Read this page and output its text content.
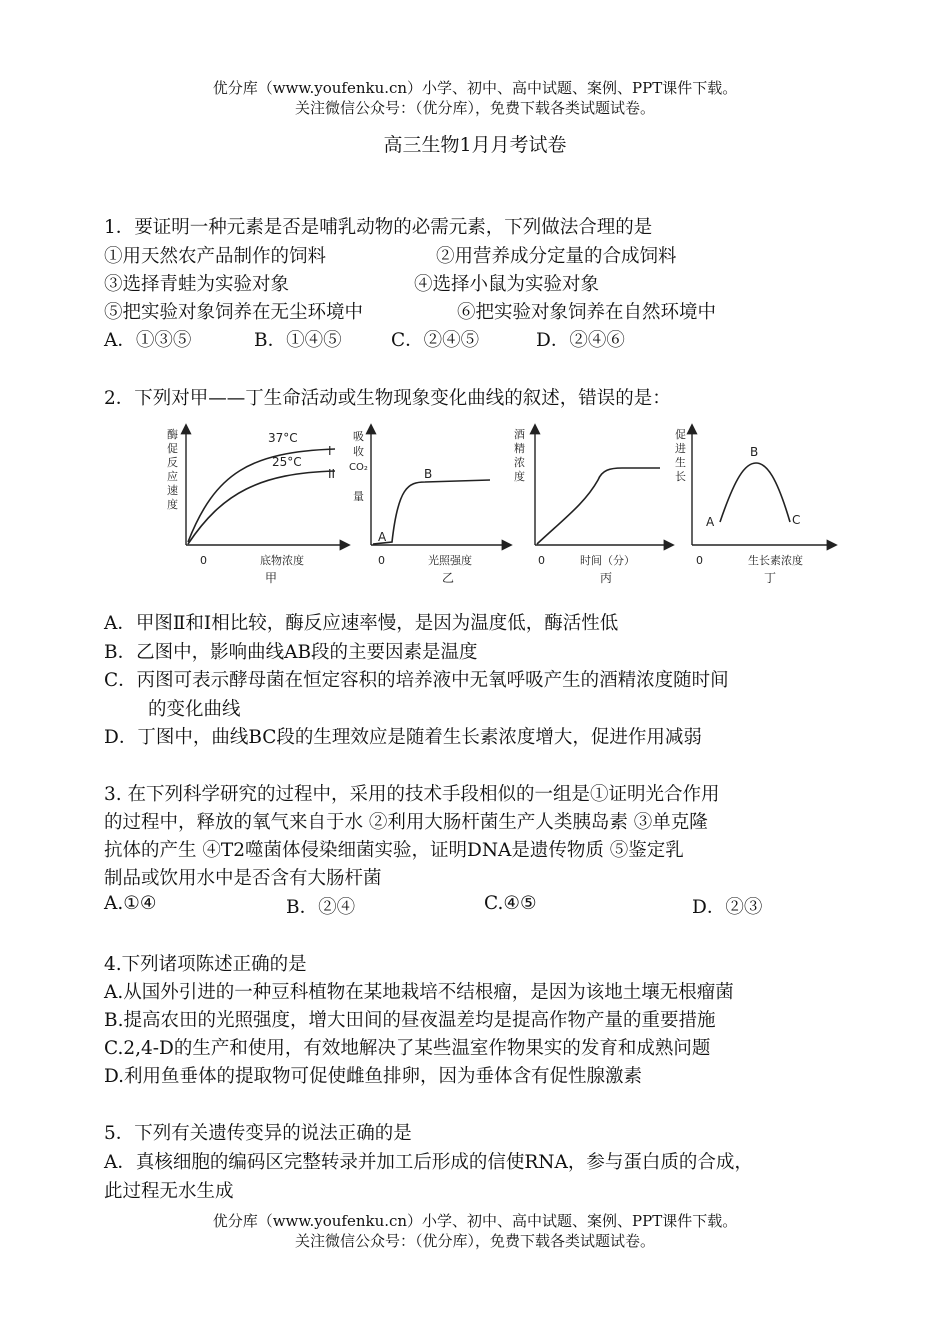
优分库（www.youfenku.cn）小学、初中、高中试题、案例、PPT课件下载。
关注微信公众号：（优分库），免费下载各类试题试卷。
高三生物1月月考试卷
1．要证明一种元素是否是哺乳动物的必需元素，下列做法合理的是
①用天然农产品制作的饲料	②用营养成分定量的合成饲料
③选择青蛙为实验对象	④选择小鼠为实验对象
⑤把实验对象饲养在无尘环境中	⑥把实验对象饲养在自然环境中
A．①③⑤	B．①④⑤	C．②④⑤	D．②④⑥
2．下列对甲——丁生命活动或生物现象变化曲线的叙述，错误的是：
酶
促
反
应
速
度
37°C
I
25°C
II
0	底物浓度
甲
吸
收
CO₂
量
A
B
0	光照强度
乙
酒
精
浓
度
0	时间（分）
丙
促
进
生
长
A
B
C
0	生长素浓度
丁
A．甲图Ⅱ和Ⅰ相比较，酶反应速率慢，是因为温度低，酶活性低
B．乙图中，影响曲线AB段的主要因素是温度
C．丙图可表示酵母菌在恒定容积的培养液中无氧呼吸产生的酒精浓度随时间
的变化曲线
D．丁图中，曲线BC段的生理效应是随着生长素浓度增大，促进作用减弱
3. 在下列科学研究的过程中，采用的技术手段相似的一组是①证明光合作用
的过程中，释放的氧气来自于水 ②利用大肠杆菌生产人类胰岛素 ③单克隆
抗体的产生 ④T2噬菌体侵染细菌实验，证明DNA是遗传物质 ⑤鉴定乳
制品或饮用水中是否含有大肠杆菌
A.①④	B．②④	C.④⑤	D．②③
4.下列诸项陈述正确的是
A.从国外引进的一种豆科植物在某地栽培不结根瘤，是因为该地土壤无根瘤菌
B.提高农田的光照强度，增大田间的昼夜温差均是提高作物产量的重要措施
C.2,4-D的生产和使用，有效地解决了某些温室作物果实的发育和成熟问题
D.利用鱼垂体的提取物可促使雌鱼排卵，因为垂体含有促性腺激素
5．下列有关遗传变异的说法正确的是
A．真核细胞的编码区完整转录并加工后形成的信使RNA，参与蛋白质的合成，
此过程无水生成
优分库（www.youfenku.cn）小学、初中、高中试题、案例、PPT课件下载。
关注微信公众号：（优分库），免费下载各类试题试卷。
